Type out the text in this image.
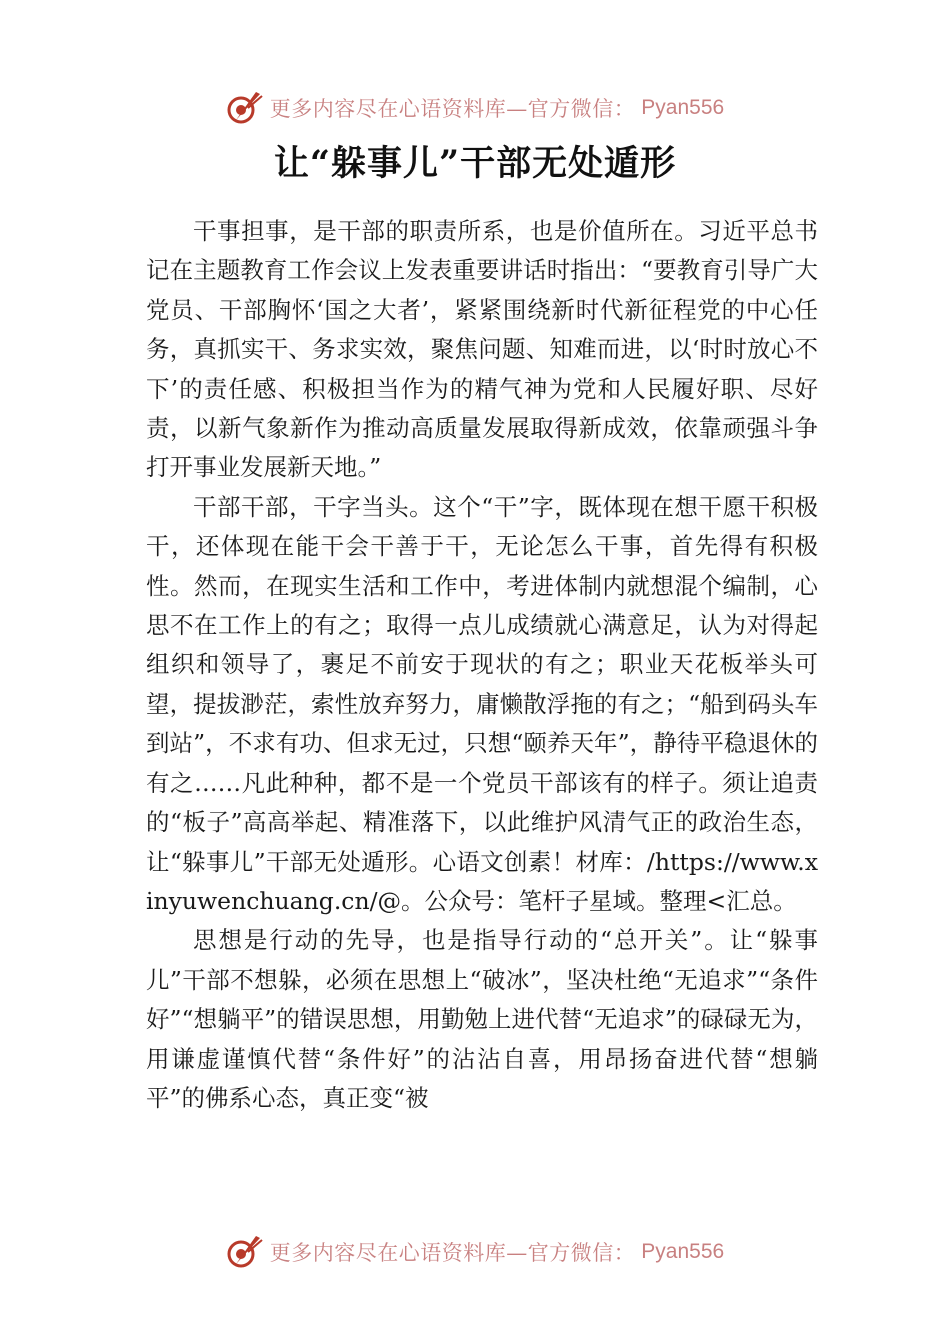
更多内容尽在心语资料库—官方微信： Pyan556
让“躲事儿”干部无处遁形

干事担事，是干部的职责所系，也是价值所在。习近平总书记在主题教育工作会议上发表重要讲话时指出：“要教育引导广大党员、干部胸怀‘国之大者’，紧紧围绕新时代新征程党的中心任务，真抓实干、务求实效，聚焦问题、知难而进，以‘时时放心不下’的责任感、积极担当作为的精气神为党和人民履好职、尽好责，以新气象新作为推动高质量发展取得新成效，依靠顽强斗争打开事业发展新天地。”

干部干部，干字当头。这个“干”字，既体现在想干愿干积极干，还体现在能干会干善于干，无论怎么干事，首先得有积极性。然而，在现实生活和工作中，考进体制内就想混个编制，心思不在工作上的有之；取得一点儿成绩就心满意足，认为对得起组织和领导了，裹足不前安于现状的有之；职业天花板举头可望，提拔渺茫，索性放弃努力，庸懒散浮拖的有之；“船到码头车到站”，不求有功、但求无过，只想“颐养天年”，静待平稳退休的有之……凡此种种，都不是一个党员干部该有的样子。须让追责的“板子”高高举起、精准落下，以此维护风清气正的政治生态，让“躲事儿”干部无处遁形。心语文创素！材库：/https://www.xinyuwenchuang.cn/@。公众号：笔杆子星域。整理<汇总。

思想是行动的先导，也是指导行动的“总开关”。让“躲事儿”干部不想躲，必须在思想上“破冰”，坚决杜绝“无追求”“条件好”“想躺平”的错误思想，用勤勉上进代替“无追求”的碌碌无为，用谦虚谨慎代替“条件好”的沾沾自喜，用昂扬奋进代替“想躺平”的佛系心态，真正变“被

更多内容尽在心语资料库—官方微信： Pyan556
